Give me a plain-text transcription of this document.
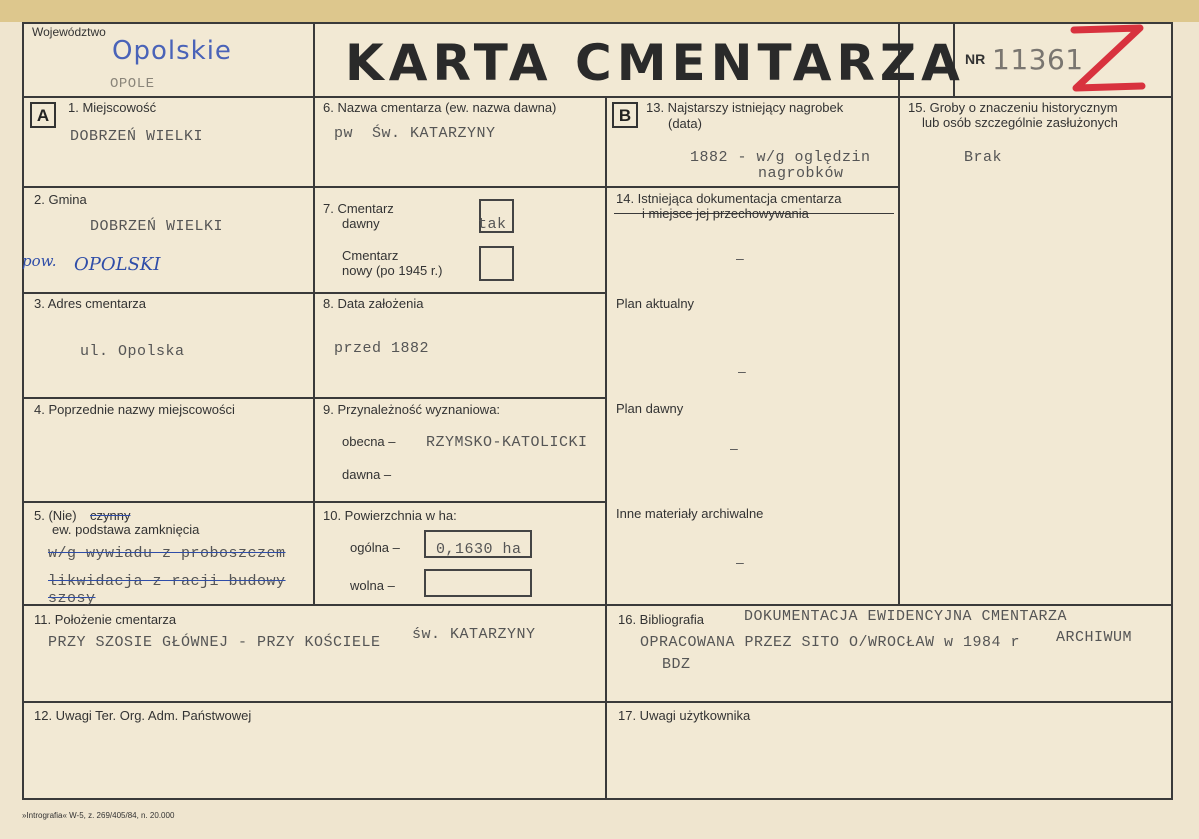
Województwo
Opolskie
OPOLE	KARTA CMENTARZA NR 11361
A	1. Miejscowość
DOBRZEŃ WIELKI
2. Gmina
DOBRZEŃ WIELKI
pow. OPOLSKI
3. Adres cmentarza
ul. Opolska
4. Poprzednie nazwy miejscowości
5. (Nie) czynny
ew. podstawa zamknięcia
w/g wywiadu z proboszczem
likwidacja z racji budowy
szosy
6. Nazwa cmentarza (ew. nazwa dawna)
pw  Św. KATARZYNY
7. Cmentarz
dawny	tak
Cmentarz
nowy (po 1945 r.)
8. Data założenia
przed 1882
9. Przynależność wyznaniowa:
obecna – RZYMSKO-KATOLICKI
dawna –
10. Powierzchnia w ha:
ogólna – 0,1630 ha
wolna –
B	13. Najstarszy istniejący nagrobek
(data)
1882 - w/g oględzin
nagrobków
14. Istniejąca dokumentacja cmentarza
i miejsce jej przechowywania
–
Plan aktualny
–
Plan dawny
–
Inne materiały archiwalne
–
15. Groby o znaczeniu historycznym
lub osób szczególnie zasłużonych
Brak
11. Położenie cmentarza
PRZY SZOSIE GŁÓWNEJ - PRZY KOŚCIELE św. KATARZYNY
16. Bibliografia	DOKUMENTACJA EWIDENCYJNA CMENTARZA
OPRACOWANA PRZEZ SITO O/WROCŁAW w 1984 r ARCHIWUM
BDZ
12. Uwagi Ter. Org. Adm. Państwowej	17. Uwagi użytkownika
»Intrografia« W-5, z. 269/405/84, n. 20.000
